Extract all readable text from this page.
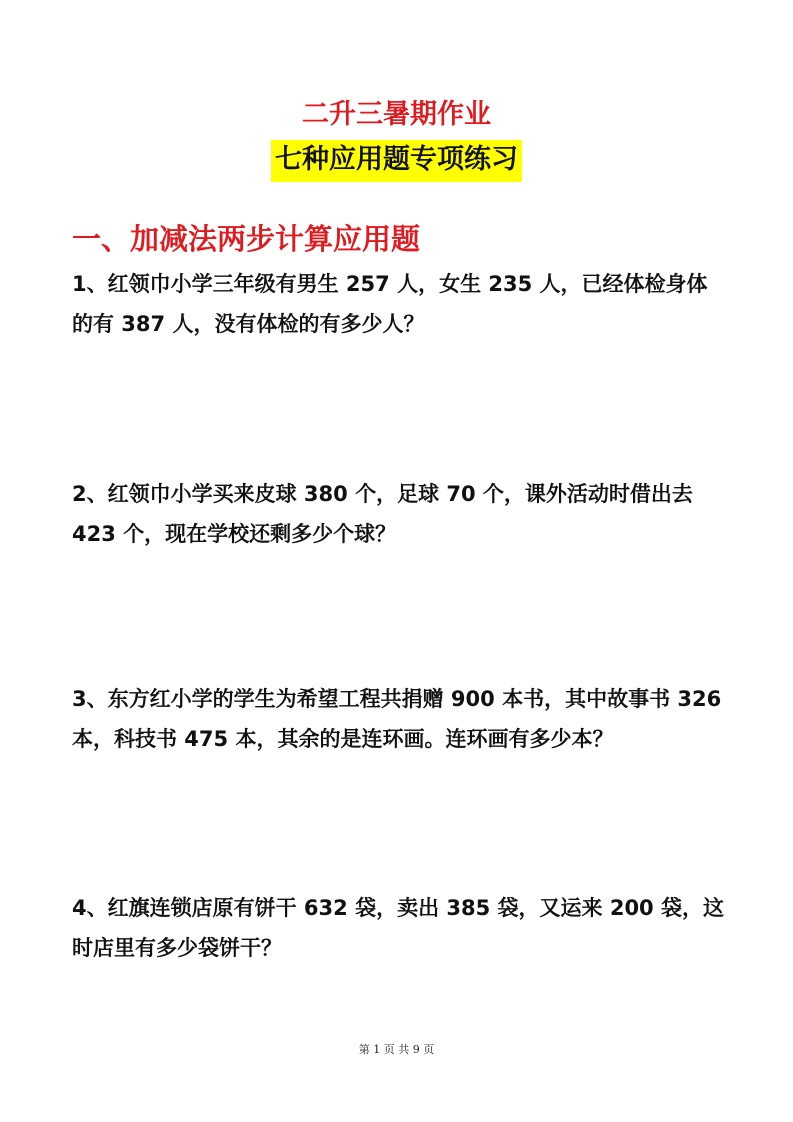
二升三暑期作业
七种应用题专项练习
一、加减法两步计算应用题
1、红领巾小学三年级有男生 257 人，女生 235 人，已经体检身体的有 387 人，没有体检的有多少人？
2、红领巾小学买来皮球 380 个，足球 70 个，课外活动时借出去 423 个，现在学校还剩多少个球？
3、东方红小学的学生为希望工程共捐赠 900 本书，其中故事书 326 本，科技书 475 本，其余的是连环画。连环画有多少本？
4、红旗连锁店原有饼干 632 袋，卖出 385 袋，又运来 200 袋，这时店里有多少袋饼干？
第 1 页 共 9 页
